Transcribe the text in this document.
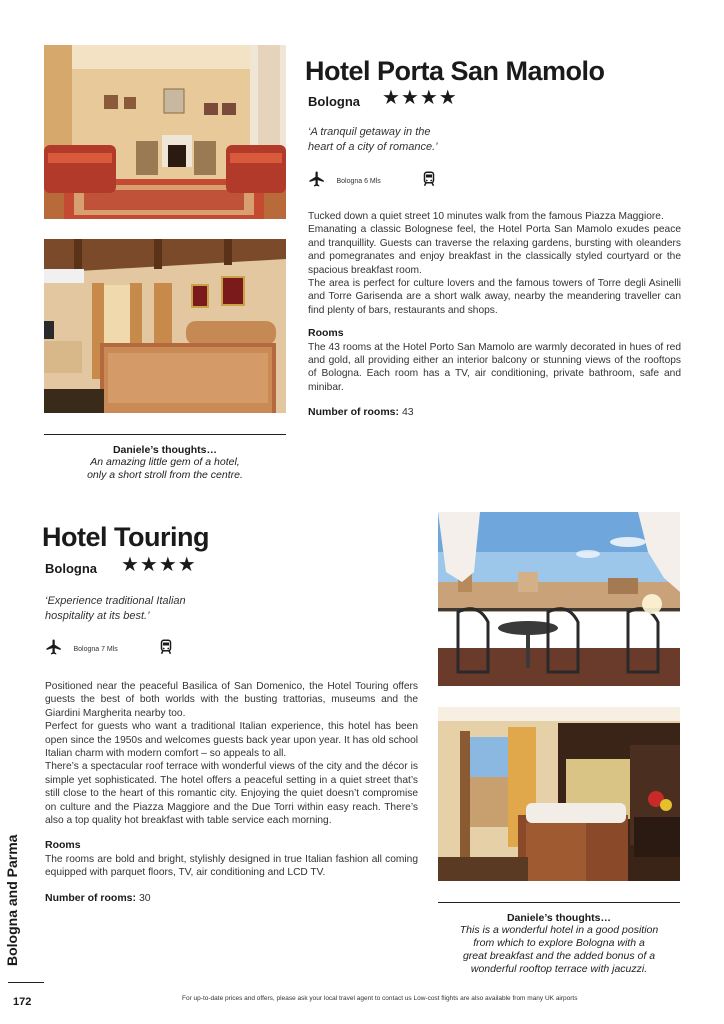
Hotel Porta San Mamolo
Bologna ★★★★
‘A tranquil getaway in the
heart of a city of romance.’
Bologna 6 Mls

Tucked down a quiet street 10 minutes walk from the famous Piazza Maggiore.

Emanating a classic Bolognese feel, the Hotel Porta San Mamolo exudes peace and tranquillity. Guests can traverse the relaxing gardens, bursting with oleanders and pomegranates and enjoy breakfast in the classically styled courtyard or the spacious breakfast room.

The area is perfect for culture lovers and the famous towers of Torre degli Asinelli and Torre Garisenda are a short walk away, nearby the meandering traveller can find plenty of bars, restaurants and shops.

Rooms

The 43 rooms at the Hotel Porto San Mamolo are warmly decorated in hues of red and gold, all providing either an interior balcony or stunning views of the rooftops of Bologna. Each room has a TV, air conditioning, private bathroom, safe and minibar.

Number of rooms: 43
Daniele’s thoughts…
An amazing little gem of a hotel,
only a short stroll from the centre.
Hotel Touring
Bologna ★★★★
‘Experience traditional Italian
hospitality at its best.’
Bologna 7 Mls

Positioned near the peaceful Basilica of San Domenico, the Hotel Touring offers guests the best of both worlds with the busting trattorias, museums and the Giardini Margherita nearby too.

Perfect for guests who want a traditional Italian experience, this hotel has been open since the 1950s and welcomes guests back year upon year. It has old school Italian charm with modern comfort – so appeals to all.

There’s a spectacular roof terrace with wonderful views of the city and the décor is simple yet sophisticated. The hotel offers a peaceful setting in a quiet street that’s still close to the heart of this romantic city. Enjoying the quiet doesn’t compromise on culture and the Piazza Maggiore and the Due Torri within easy reach. There’s also a top quality hot breakfast with table service each morning.

Rooms

The rooms are bold and bright, stylishly designed in true Italian fashion all coming equipped with parquet floors, TV, air conditioning and LCD TV.

Number of rooms: 30
Daniele’s thoughts…
This is a wonderful hotel in a good position
from which to explore Bologna with a
great breakfast and the added bonus of a
wonderful rooftop terrace with jacuzzi.
Bologna and Parma
172	For up-to-date prices and offers, please ask your local travel agent to contact us Low-cost flights are also available from many UK airports
